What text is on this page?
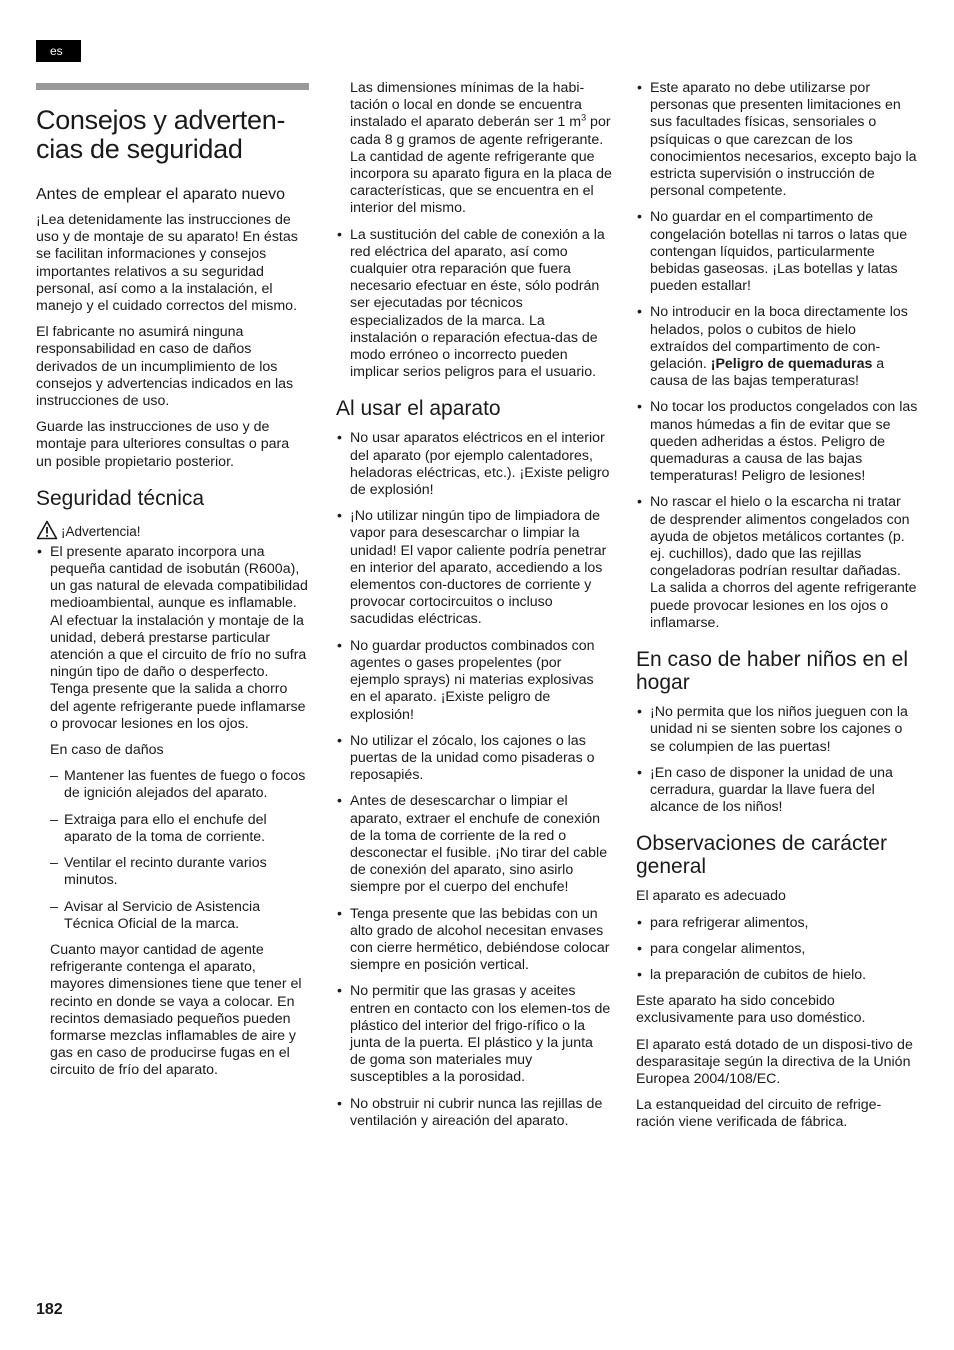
es
Consejos y adverten-cias de seguridad
Antes de emplear el aparato nuevo

¡Lea detenidamente las instrucciones de uso y de montaje de su aparato! En éstas se facilitan informaciones y consejos importantes relativos a su seguridad personal, así como a la instalación, el manejo y el cuidado correctos del mismo.

El fabricante no asumirá ninguna responsabilidad en caso de daños derivados de un incumplimiento de los consejos y advertencias indicados en las instrucciones de uso.

Guarde las instrucciones de uso y de montaje para ulteriores consultas o para un posible propietario posterior.

Seguridad técnica
¡Advertencia!
• El presente aparato incorpora una pequeña cantidad de isobután (R600a), un gas natural de elevada compatibilidad medioambiental, aunque es inflamable. Al efectuar la instalación y montaje de la unidad, deberá prestarse particular atención a que el circuito de frío no sufra ningún tipo de daño o desperfecto. Tenga presente que la salida a chorro del agente refrigerante puede inflamarse o provocar lesiones en los ojos.
En caso de daños
– Mantener las fuentes de fuego o focos de ignición alejados del aparato.
– Extraiga para ello el enchufe del aparato de la toma de corriente.
– Ventilar el recinto durante varios minutos.
– Avisar al Servicio de Asistencia Técnica Oficial de la marca.

Cuanto mayor cantidad de agente refrigerante contenga el aparato, mayores dimensiones tiene que tener el recinto en donde se vaya a colocar. En recintos demasiado pequeños pueden formarse mezclas inflamables de aire y gas en caso de producirse fugas en el circuito de frío del aparato.

Las dimensiones mínimas de la habi-tación o local en donde se encuentra instalado el aparato deberán ser 1 $m^3$ por cada 8 g gramos de agente refrigerante. La cantidad de agente refrigerante que incorpora su aparato figura en la placa de características, que se encuentra en el interior del mismo.

• La sustitución del cable de conexión a la red eléctrica del aparato, así como cualquier otra reparación que fuera necesario efectuar en éste, sólo podrán ser ejecutadas por técnicos especializados de la marca. La instalación o reparación efectua-das de modo erróneo o incorrecto pueden implicar serios peligros para el usuario.
Al usar el aparato
• No usar aparatos eléctricos en el interior del aparato (por ejemplo calentadores, heladoras eléctricas, etc.). ¡Existe peligro de explosión!
• ¡No utilizar ningún tipo de limpiadora de vapor para desescarchar o limpiar la unidad! El vapor caliente podría penetrar en interior del aparato, accediendo a los elementos con-ductores de corriente y provocar cortocircuitos o incluso sacudidas eléctricas.
• No guardar productos combinados con agentes o gases propelentes (por ejemplo sprays) ni materias explosivas en el aparato. ¡Existe peligro de explosión!
• No utilizar el zócalo, los cajones o las puertas de la unidad como pisaderas o reposapiés.
• Antes de desescarchar o limpiar el aparato, extraer el enchufe de conexión de la toma de corriente de la red o desconectar el fusible. ¡No tirar del cable de conexión del aparato, sino asirlo siempre por el cuerpo del enchufe!
• Tenga presente que las bebidas con un alto grado de alcohol necesitan envases con cierre hermético, debiéndose colocar siempre en posición vertical.
• No permitir que las grasas y aceites entren en contacto con los elemen-tos de plástico del interior del frigo-rífico o la junta de la puerta. El plástico y la junta de goma son materiales muy susceptibles a la porosidad.
• No obstruir ni cubrir nunca las rejillas de ventilación y aireación del aparato.
• Este aparato no debe utilizarse por personas que presenten limitaciones en sus facultades físicas, sensoriales o psíquicas o que carezcan de los conocimientos necesarios, excepto bajo la estricta supervisión o instrucción de personal competente.
• No guardar en el compartimento de congelación botellas ni tarros o latas que contengan líquidos, particularmente bebidas gaseosas. ¡Las botellas y latas pueden estallar!
• No introducir en la boca directamente los helados, polos o cubitos de hielo extraídos del compartimento de con-gelación. ¡Peligro de quemaduras a causa de las bajas temperaturas!
• No tocar los productos congelados con las manos húmedas a fin de evitar que se queden adheridas a éstos. Peligro de quemaduras a causa de las bajas temperaturas! Peligro de lesiones!
• No rascar el hielo o la escarcha ni tratar de desprender alimentos congelados con ayuda de objetos metálicos cortantes (p. ej. cuchillos), dado que las rejillas congeladoras podrían resultar dañadas. La salida a chorros del agente refrigerante puede provocar lesiones en los ojos o inflamarse.
En caso de haber niños en el hogar
• ¡No permita que los niños jueguen con la unidad ni se sienten sobre los cajones o se columpien de las puertas!
• ¡En caso de disponer la unidad de una cerradura, guardar la llave fuera del alcance de los niños!
Observaciones de carácter general

El aparato es adecuado

• para refrigerar alimentos,
• para congelar alimentos,
• la preparación de cubitos de hielo.

Este aparato ha sido concebido exclusivamente para uso doméstico.

El aparato está dotado de un disposi-tivo de desparasitaje según la directiva de la Unión Europea 2004/108/EC.

La estanqueidad del circuito de refrige-ración viene verificada de fábrica.

182
